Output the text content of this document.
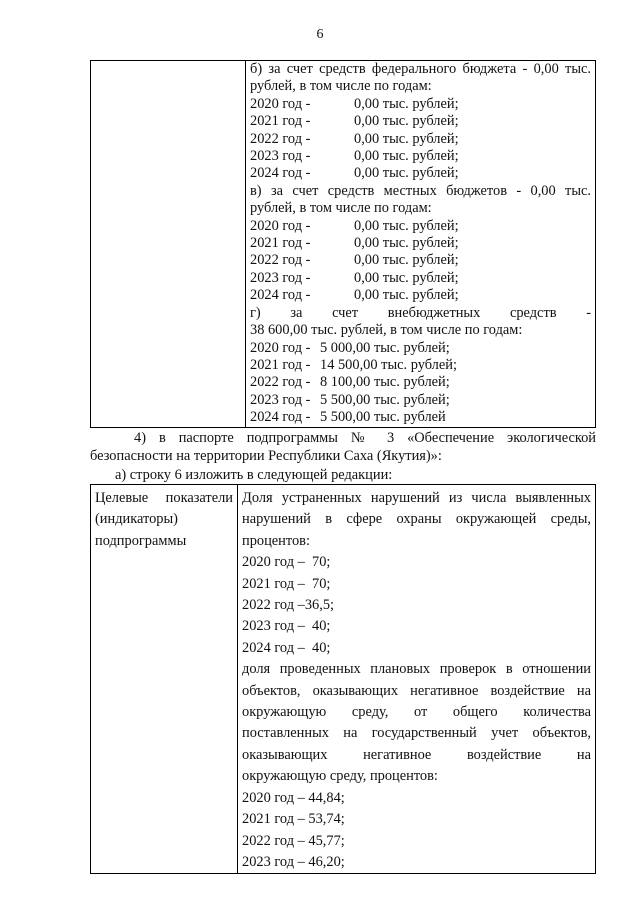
6

б) за счет средств федерального бюджета - 0,00 тыс.
рублей, в том числе по годам:
2020 год -	0,00 тыс. рублей;
2021 год -	0,00 тыс. рублей;
2022 год -	0,00 тыс. рублей;
2023 год -	0,00 тыс. рублей;
2024 год -	0,00 тыс. рублей;
в) за счет средств местных бюджетов - 0,00 тыс.
рублей, в том числе по годам:
2020 год -	0,00 тыс. рублей;
2021 год -	0,00 тыс. рублей;
2022 год -	0,00 тыс. рублей;
2023 год -	0,00 тыс. рублей;
2024 год -	0,00 тыс. рублей;
г) за счет внебюджетных средств -
38 600,00 тыс. рублей, в том числе по годам:
2020 год - 5 000,00 тыс. рублей;
2021 год - 14 500,00 тыс. рублей;
2022 год - 8 100,00 тыс. рублей;
2023 год - 5 500,00 тыс. рублей;
2024 год - 5 500,00 тыс. рублей
4) в паспорте подпрограммы № 3 «Обеспечение экологической
безопасности на территории Республики Саха (Якутия)»:
а) строку 6 изложить в следующей редакции:
Целевые показатели
(индикаторы)
подпрограммы

Доля устраненных нарушений из числа выявленных
нарушений в сфере охраны окружающей среды,
процентов:
2020 год – 70;
2021 год – 70;
2022 год –36,5;
2023 год – 40;
2024 год – 40;
доля проведенных плановых проверок в отношении
объектов, оказывающих негативное воздействие на
окружающую среду, от общего количества
поставленных на государственный учет объектов,
оказывающих негативное воздействие на
окружающую среду, процентов:
2020 год – 44,84;
2021 год – 53,74;
2022 год – 45,77;
2023 год – 46,20;
